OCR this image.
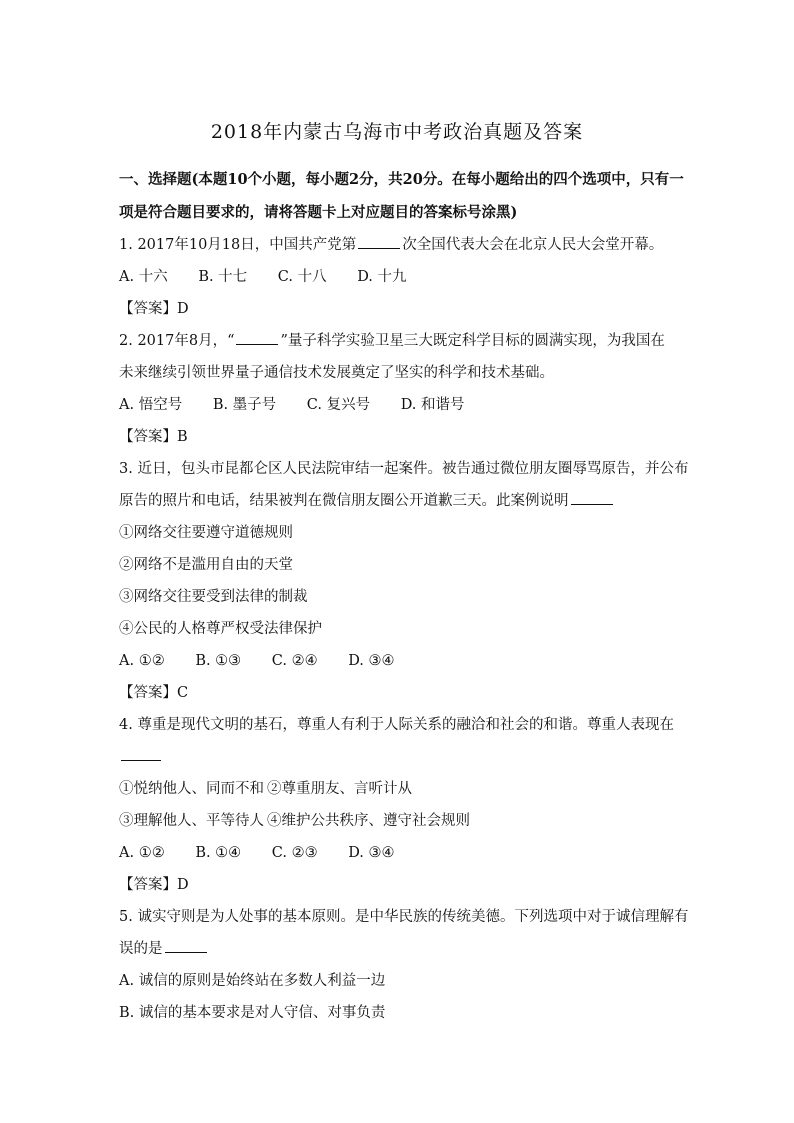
2018年内蒙古乌海市中考政治真题及答案
一、选择题(本题10个小题，每小题2分，共20分。在每小题给出的四个选项中，只有一
项是符合题目要求的，请将答题卡上对应题目的答案标号涂黑)
1. 2017年10月18日，中国共产党第	次全国代表大会在北京人民大会堂开幕。
A. 十六 B. 十七 C. 十八 D. 十九
【答案】D
2. 2017年8月，“	”量子科学实验卫星三大既定科学目标的圆满实现，为我国在
未来继续引领世界量子通信技术发展奠定了坚实的科学和技术基础。
A. 悟空号 B. 墨子号 C. 复兴号 D. 和谐号
【答案】B
3. 近日，包头市昆都仑区人民法院审结一起案件。被告通过微位朋友圈辱骂原告，并公布
原告的照片和电话，结果被判在微信朋友圈公开道歉三天。此案例说明
①网络交往要遵守道德规则
②网络不是滥用自由的天堂
③网络交往要受到法律的制裁
④公民的人格尊严权受法律保护
A. ①② B. ①③ C. ②④ D. ③④
【答案】C
4. 尊重是现代文明的基石，尊重人有利于人际关系的融洽和社会的和谐。尊重人表现在
①悦纳他人、同而不和 ②尊重朋友、言听计从
③理解他人、平等待人 ④维护公共秩序、遵守社会规则
A. ①② B. ①④ C. ②③ D. ③④
【答案】D
5. 诚实守则是为人处事的基本原则。是中华民族的传统美德。下列选项中对于诚信理解有
误的是
A. 诚信的原则是始终站在多数人利益一边
B. 诚信的基本要求是对人守信、对事负责
